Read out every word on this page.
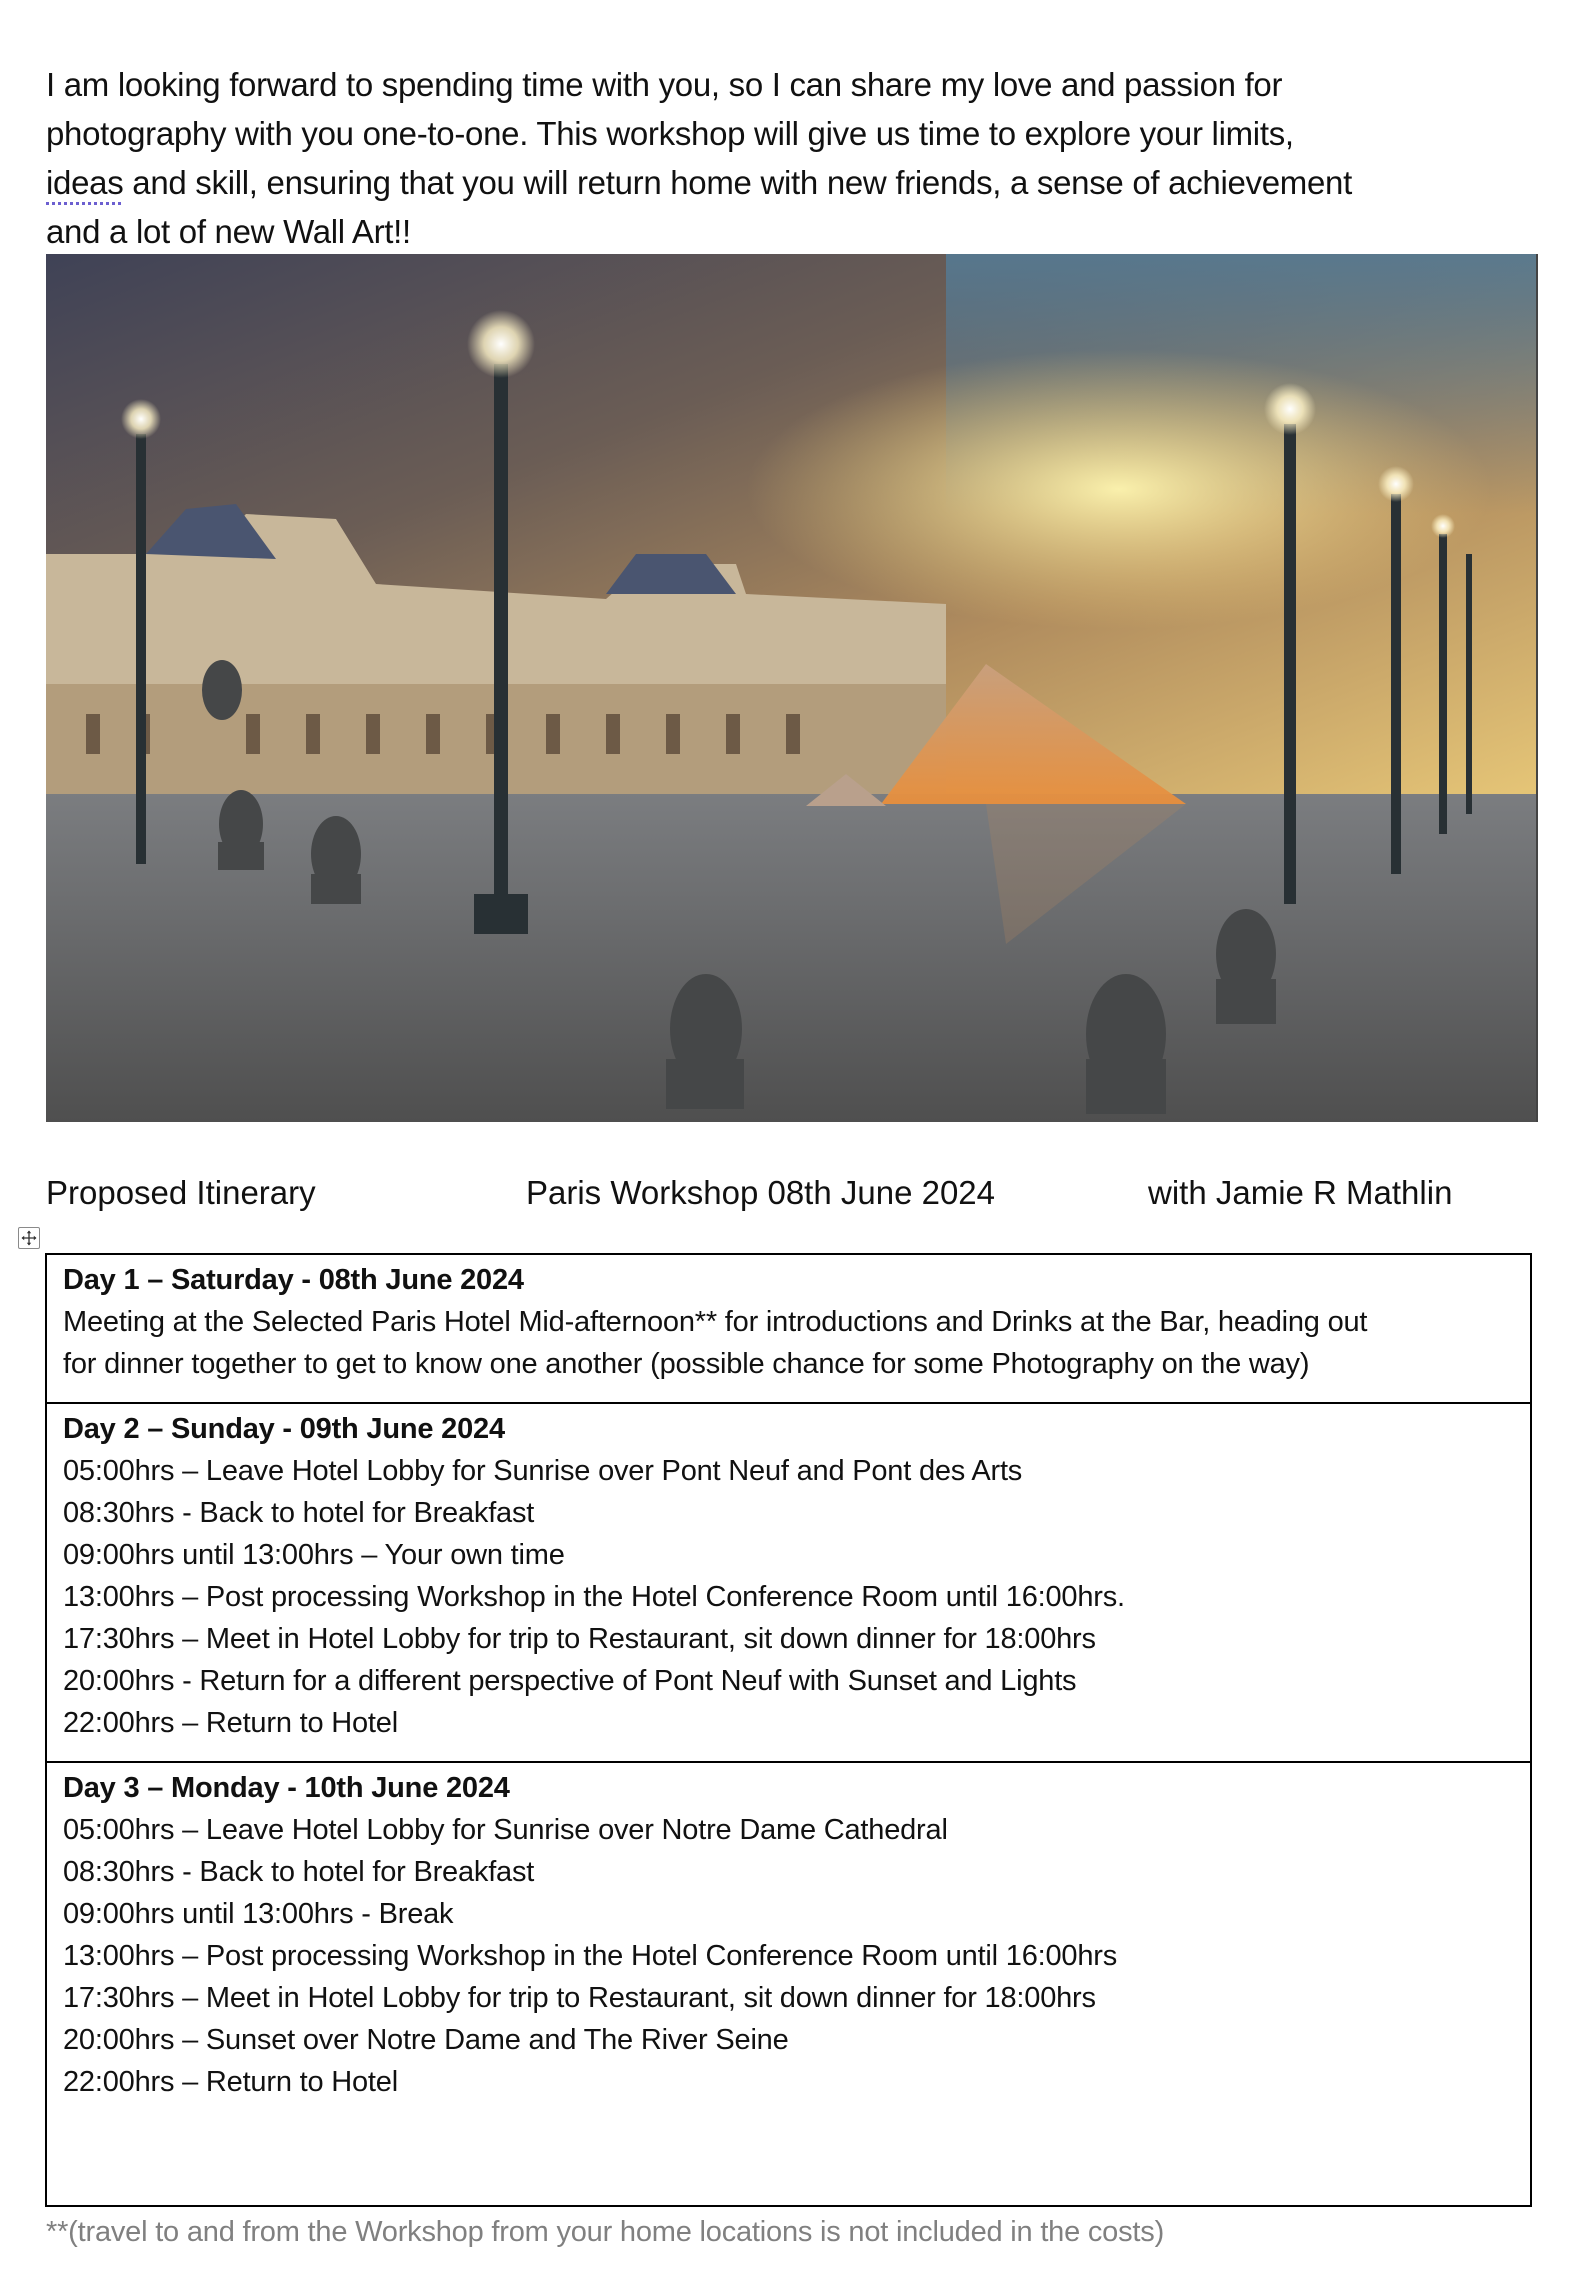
I am looking forward to spending time with you, so I can share my love and passion for
photography with you one-to-one. This workshop will give us time to explore your limits,
ideas and skill, ensuring that you will return home with new friends, a sense of achievement
and a lot of new Wall Art!!

Proposed Itinerary	Paris Workshop 08th June 2024	with Jamie R Mathlin
Day 1 – Saturday - 08th June 2024
Meeting at the Selected Paris Hotel Mid-afternoon** for introductions and Drinks at the Bar, heading out
for dinner together to get to know one another (possible chance for some Photography on the way)

Day 2 – Sunday - 09th June 2024
05:00hrs – Leave Hotel Lobby for Sunrise over Pont Neuf and Pont des Arts
08:30hrs - Back to hotel for Breakfast
09:00hrs until 13:00hrs – Your own time
13:00hrs – Post processing Workshop in the Hotel Conference Room until 16:00hrs.
17:30hrs – Meet in Hotel Lobby for trip to Restaurant, sit down dinner for 18:00hrs
20:00hrs - Return for a different perspective of Pont Neuf with Sunset and Lights
22:00hrs – Return to Hotel

Day 3 – Monday - 10th June 2024
05:00hrs – Leave Hotel Lobby for Sunrise over Notre Dame Cathedral
08:30hrs - Back to hotel for Breakfast
09:00hrs until 13:00hrs - Break
13:00hrs – Post processing Workshop in the Hotel Conference Room until 16:00hrs
17:30hrs – Meet in Hotel Lobby for trip to Restaurant, sit down dinner for 18:00hrs
20:00hrs – Sunset over Notre Dame and The River Seine
22:00hrs – Return to Hotel
**(travel to and from the Workshop from your home locations is not included in the costs)
